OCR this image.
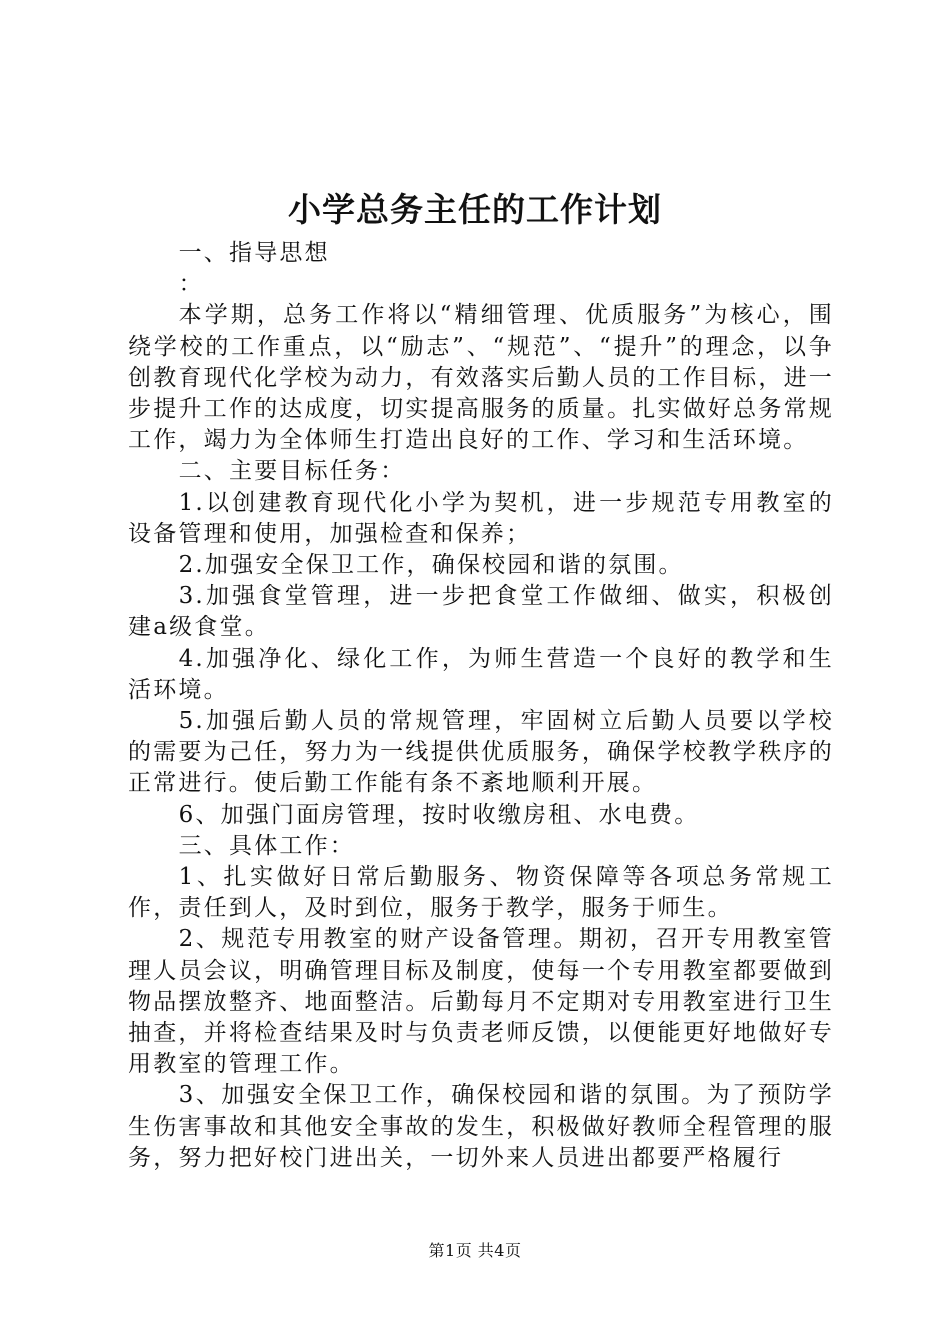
小学总务主任的工作计划

一、指导思想

：

本学期，总务工作将以“精细管理、优质服务”为核心，围绕学校的工作重点，以“励志”、“规范”、“提升”的理念，以争创教育现代化学校为动力，有效落实后勤人员的工作目标，进一步提升工作的达成度，切实提高服务的质量。扎实做好总务常规工作，竭力为全体师生打造出良好的工作、学习和生活环境。

二、主要目标任务：

1.以创建教育现代化小学为契机，进一步规范专用教室的设备管理和使用，加强检查和保养；

2.加强安全保卫工作，确保校园和谐的氛围。

3.加强食堂管理，进一步把食堂工作做细、做实，积极创建a级食堂。

4.加强净化、绿化工作，为师生营造一个良好的教学和生活环境。

5.加强后勤人员的常规管理，牢固树立后勤人员要以学校的需要为己任，努力为一线提供优质服务，确保学校教学秩序的正常进行。使后勤工作能有条不紊地顺利开展。

6、加强门面房管理，按时收缴房租、水电费。

三、具体工作：

1、扎实做好日常后勤服务、物资保障等各项总务常规工作，责任到人，及时到位，服务于教学，服务于师生。

2、规范专用教室的财产设备管理。期初，召开专用教室管理人员会议，明确管理目标及制度，使每一个专用教室都要做到物品摆放整齐、地面整洁。后勤每月不定期对专用教室进行卫生抽查，并将检查结果及时与负责老师反馈，以便能更好地做好专用教室的管理工作。

3、加强安全保卫工作，确保校园和谐的氛围。为了预防学生伤害事故和其他安全事故的发生，积极做好教师全程管理的服务，努力把好校门进出关，一切外来人员进出都要严格履行

第1页 共4页
